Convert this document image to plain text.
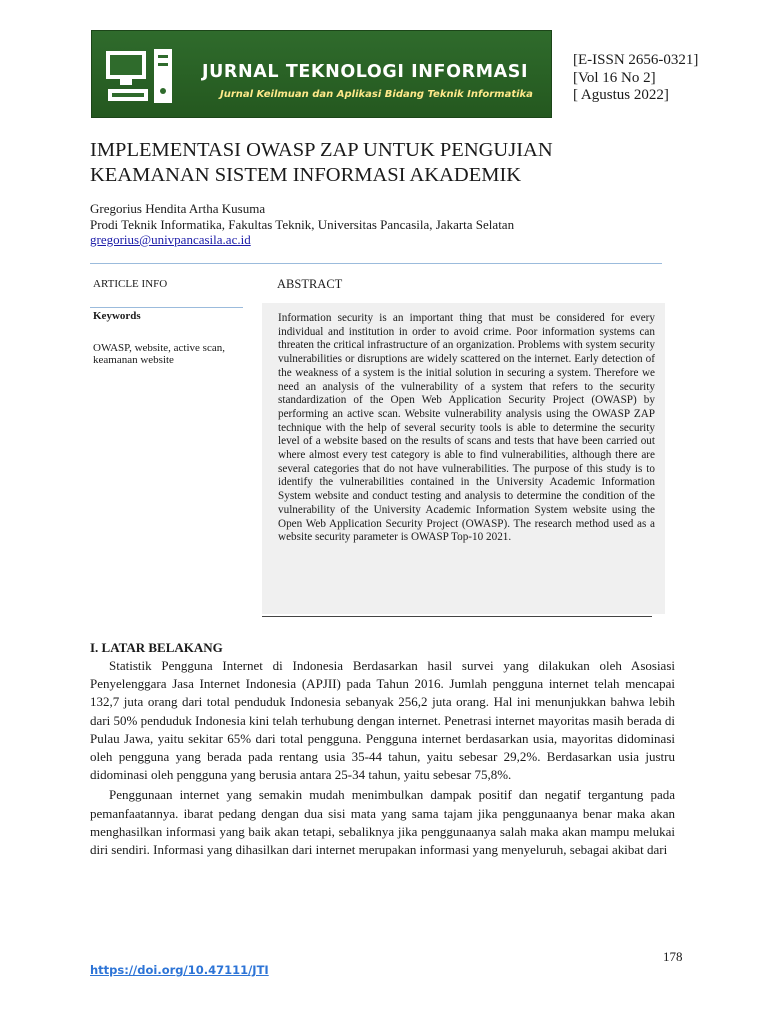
JURNAL TEKNOLOGI INFORMASI
Jurnal Keilmuan dan Aplikasi Bidang Teknik Informatika
[E-ISSN 2656-0321]
[Vol 16 No 2]
[ Agustus 2022]
IMPLEMENTASI OWASP ZAP UNTUK PENGUJIAN KEAMANAN SISTEM INFORMASI AKADEMIK
Gregorius Hendita Artha Kusuma
Prodi Teknik Informatika, Fakultas Teknik, Universitas Pancasila, Jakarta Selatan
gregorius@univpancasila.ac.id
ARTICLE INFO	ABSTRACT
Keywords
OWASP, website, active scan, keamanan website

Information security is an important thing that must be considered for every individual and institution in order to avoid crime. Poor information systems can threaten the critical infrastructure of an organization. Problems with system security vulnerabilities or disruptions are widely scattered on the internet. Early detection of the weakness of a system is the initial solution in securing a system. Therefore we need an analysis of the vulnerability of a system that refers to the security standardization of the Open Web Application Security Project (OWASP) by performing an active scan. Website vulnerability analysis using the OWASP ZAP technique with the help of several security tools is able to determine the security level of a website based on the results of scans and tests that have been carried out where almost every test category is able to find vulnerabilities, although there are several categories that do not have vulnerabilities. The purpose of this study is to identify the vulnerabilities contained in the University Academic Information System website and conduct testing and analysis to determine the condition of the vulnerability of the University Academic Information System website using the Open Web Application Security Project (OWASP). The research method used as a website security parameter is OWASP Top-10 2021.

I. LATAR BELAKANG

Statistik Pengguna Internet di Indonesia Berdasarkan hasil survei yang dilakukan oleh Asosiasi Penyelenggara Jasa Internet Indonesia (APJII) pada Tahun 2016. Jumlah pengguna internet telah mencapai 132,7 juta orang dari total penduduk Indonesia sebanyak 256,2 juta orang. Hal ini menunjukkan bahwa lebih dari 50% penduduk Indonesia kini telah terhubung dengan internet. Penetrasi internet mayoritas masih berada di Pulau Jawa, yaitu sekitar 65% dari total pengguna. Pengguna internet berdasarkan usia, mayoritas didominasi oleh pengguna yang berada pada rentang usia 35-44 tahun, yaitu sebesar 29,2%. Berdasarkan usia justru didominasi oleh pengguna yang berusia antara 25-34 tahun, yaitu sebesar 75,8%.

Penggunaan internet yang semakin mudah menimbulkan dampak positif dan negatif tergantung pada pemanfaatannya. ibarat pedang dengan dua sisi mata yang sama tajam jika penggunaanya benar maka akan menghasilkan informasi yang baik akan tetapi, sebaliknya jika penggunaanya salah maka akan mampu melukai diri sendiri. Informasi yang dihasilkan dari internet merupakan informasi yang menyeluruh, sebagai akibat dari

178
https://doi.org/10.47111/JTI
